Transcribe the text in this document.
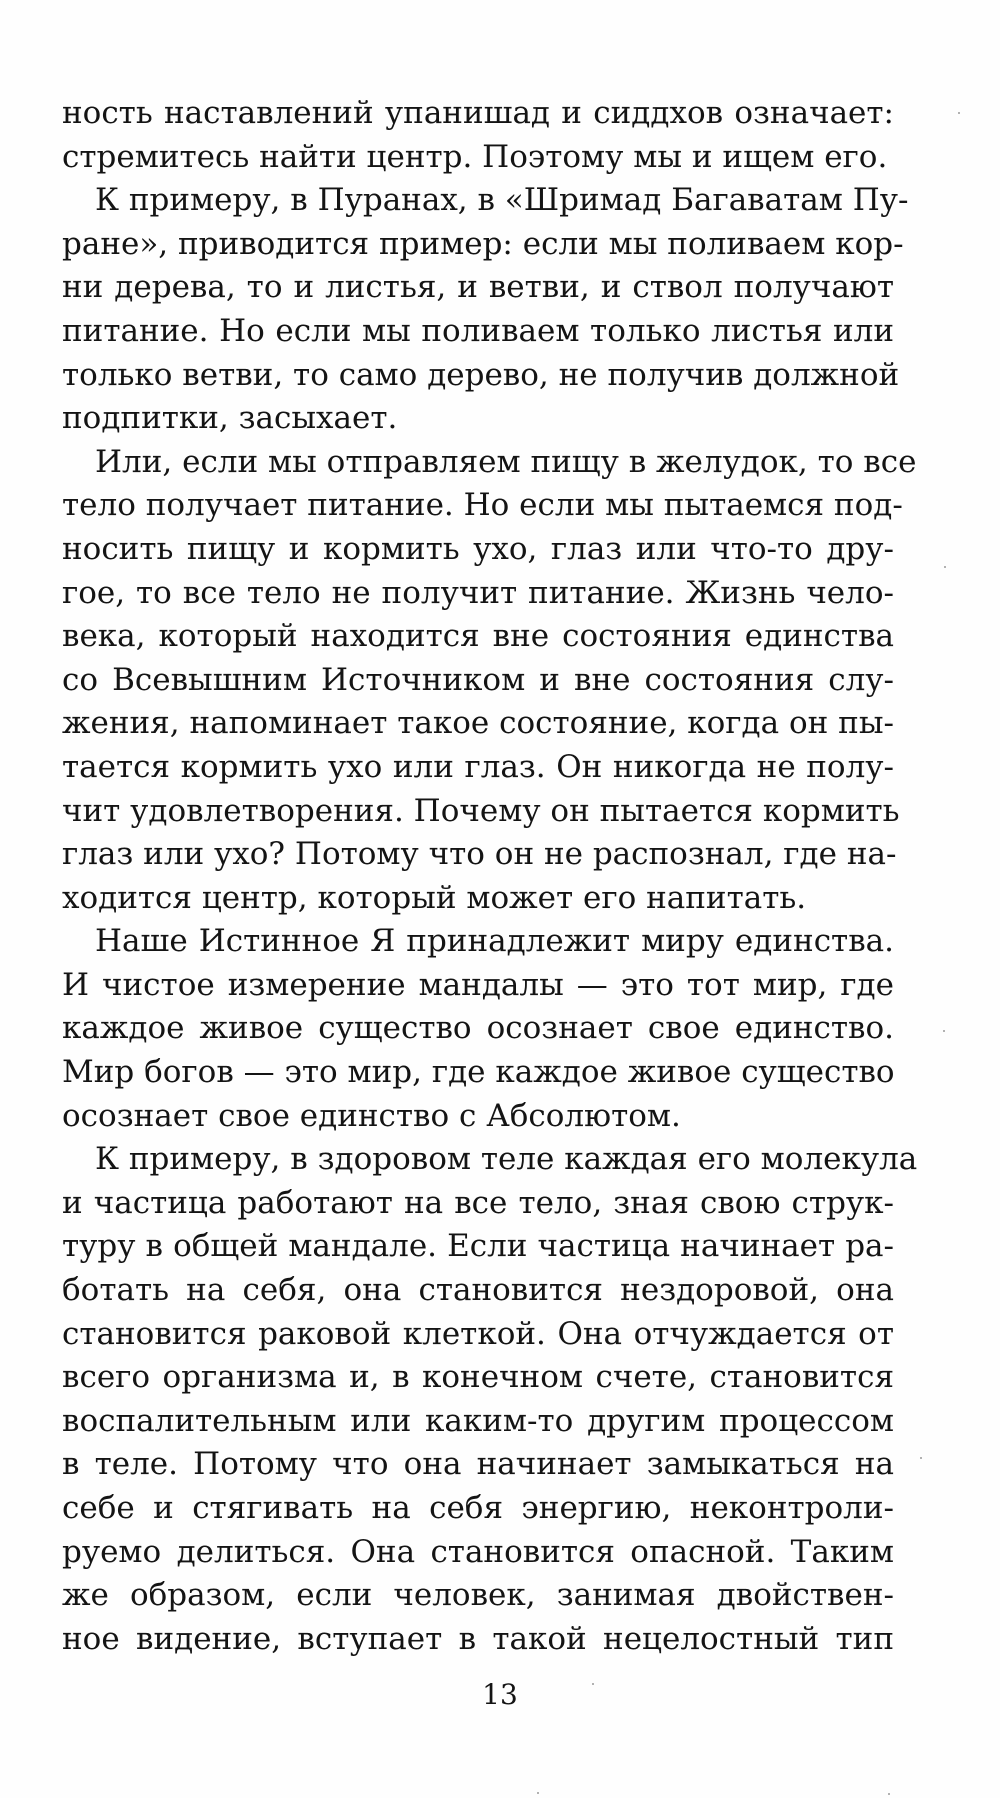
ность наставлений упанишад и сиддхов означает:
стремитесь найти центр. Поэтому мы и ищем его.

К примеру, в Пуранах, в «Шримад Багаватам Пу-
ране», приводится пример: если мы поливаем кор-
ни дерева, то и листья, и ветви, и ствол получают
питание. Но если мы поливаем только листья или
только ветви, то само дерево, не получив должной
подпитки, засыхает.

Или, если мы отправляем пищу в желудок, то все
тело получает питание. Но если мы пытаемся под-
носить пищу и кормить ухо, глаз или что-то дру-
гое, то все тело не получит питание. Жизнь чело-
века, который находится вне состояния единства
со Всевышним Источником и вне состояния слу-
жения, напоминает такое состояние, когда он пы-
тается кормить ухо или глаз. Он никогда не полу-
чит удовлетворения. Почему он пытается кормить
глаз или ухо? Потому что он не распознал, где на-
ходится центр, который может его напитать.

Наше Истинное Я принадлежит миру единства.
И чистое измерение мандалы — это тот мир, где
каждое живое существо осознает свое единство.
Мир богов — это мир, где каждое живое существо
осознает свое единство с Абсолютом.

К примеру, в здоровом теле каждая его молекула
и частица работают на все тело, зная свою струк-
туру в общей мандале. Если частица начинает ра-
ботать на себя, она становится нездоровой, она
становится раковой клеткой. Она отчуждается от
всего организма и, в конечном счете, становится
воспалительным или каким-то другим процессом
в теле. Потому что она начинает замыкаться на
себе и стягивать на себя энергию, неконтроли-
руемо делиться. Она становится опасной. Таким
же образом, если человек, занимая двойствен-
ное видение, вступает в такой нецелостный тип

13
